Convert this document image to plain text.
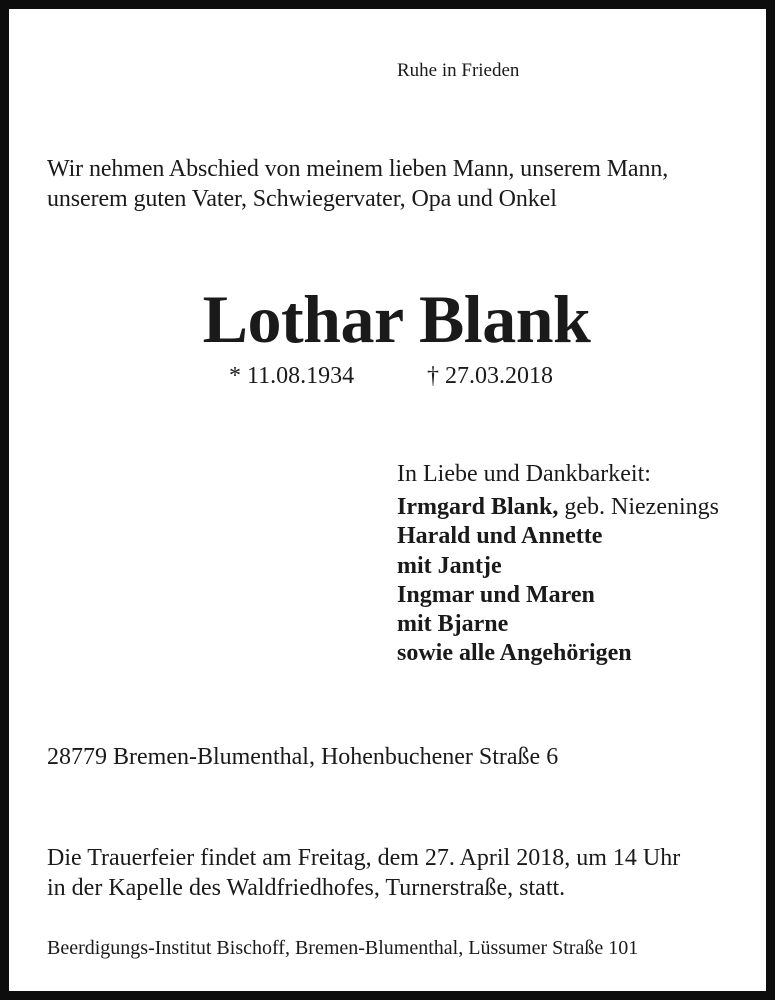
Ruhe in Frieden

Wir nehmen Abschied von meinem lieben Mann, unserem Mann,
unserem guten Vater, Schwiegervater, Opa und Onkel
Lothar Blank
* 11.08.1934	† 27.03.2018
In Liebe und Dankbarkeit:
Irmgard Blank, geb. Niezenings
Harald und Annette
mit Jantje
Ingmar und Maren
mit Bjarne
sowie alle Angehörigen

28779 Bremen-Blumenthal, Hohenbuchener Straße 6

Die Trauerfeier findet am Freitag, dem 27. April 2018, um 14 Uhr
in der Kapelle des Waldfriedhofes, Turnerstraße, statt.

Beerdigungs-Institut Bischoff, Bremen-Blumenthal, Lüssumer Straße 101
